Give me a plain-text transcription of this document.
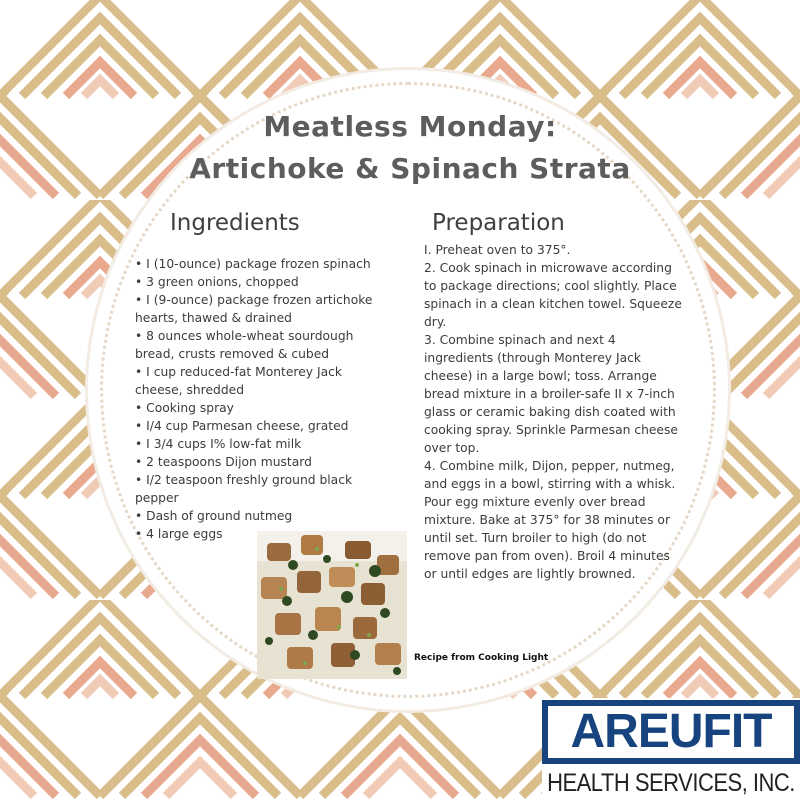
Meatless Monday:
Artichoke & Spinach Strata
Ingredients	Preparation
• I (10-ounce) package frozen spinach
• 3 green onions, chopped
• I (9-ounce) package frozen artichoke hearts, thawed & drained
• 8 ounces whole-wheat sourdough bread, crusts removed & cubed
• I cup reduced-fat Monterey Jack cheese, shredded
• Cooking spray
• I/4 cup Parmesan cheese, grated
• I 3/4 cups I% low-fat milk
• 2 teaspoons Dijon mustard
• I/2 teaspoon freshly ground black pepper
• Dash of ground nutmeg
• 4 large eggs
I. Preheat oven to 375°.
2. Cook spinach in microwave according to package directions; cool slightly. Place spinach in a clean kitchen towel. Squeeze dry.
3. Combine spinach and next 4 ingredients (through Monterey Jack cheese) in a large bowl; toss. Arrange bread mixture in a broiler-safe II x 7-inch glass or ceramic baking dish coated with cooking spray. Sprinkle Parmesan cheese over top.
4. Combine milk, Dijon, pepper, nutmeg, and eggs in a bowl, stirring with a whisk. Pour egg mixture evenly over bread mixture. Bake at 375° for 38 minutes or until set. Turn broiler to high (do not remove pan from oven). Broil 4 minutes or until edges are lightly browned.
Recipe from Cooking Light
AREUFIT
HEALTH SERVICES, INC.
